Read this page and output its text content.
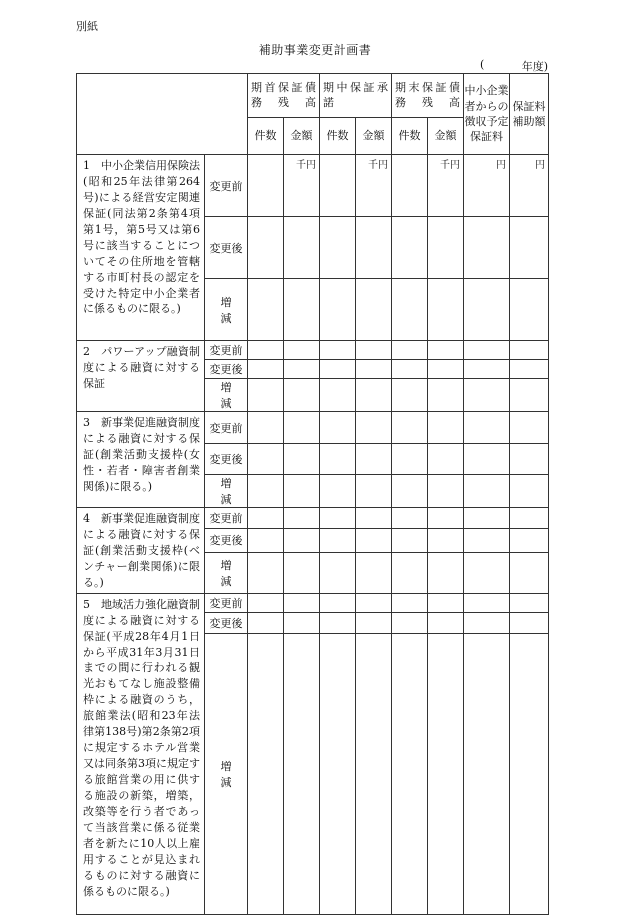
別紙
補助事業変更計画書
(	年度)
		期首保証債務残高		期中保証承諾		期末保証債務残高		中小企業者からの徴収予定保証料	保証料補助額
		件数	金額	件数	金額	件数	金額		
1　中小企業信用保険法(昭和25年法律第264号)による経営安定関連保証(同法第2条第4項第1号，第5号又は第6号に該当することについてその住所地を管轄する市町村長の認定を受けた特定中小企業者に係るものに限る。)	変更前		千円		千円		千円	円	円
	変更後								
	増 減								
2　パワーアップ融資制度による融資に対する保証	変更前								
	変更後								
	増 減								
3　新事業促進融資制度による融資に対する保証(創業活動支援枠(女性・若者・障害者創業関係)に限る。)	変更前								
	変更後								
	増 減								
4　新事業促進融資制度による融資に対する保証(創業活動支援枠(ベンチャー創業関係)に限る。)	変更前								
	変更後								
	増 減								
5　地域活力強化融資制度による融資に対する保証(平成28年4月1日から平成31年3月31日までの間に行われる観光おもてなし施設整備枠による融資のうち，旅館業法(昭和23年法律第138号)第2条第2項に規定するホテル営業又は同条第3項に規定する旅館営業の用に供する施設の新築，増築，改築等を行う者であって当該営業に係る従業者を新たに10人以上雇用することが見込まれるものに対する融資に係るものに限る。)	変更前								
	変更後								
	増 減								
